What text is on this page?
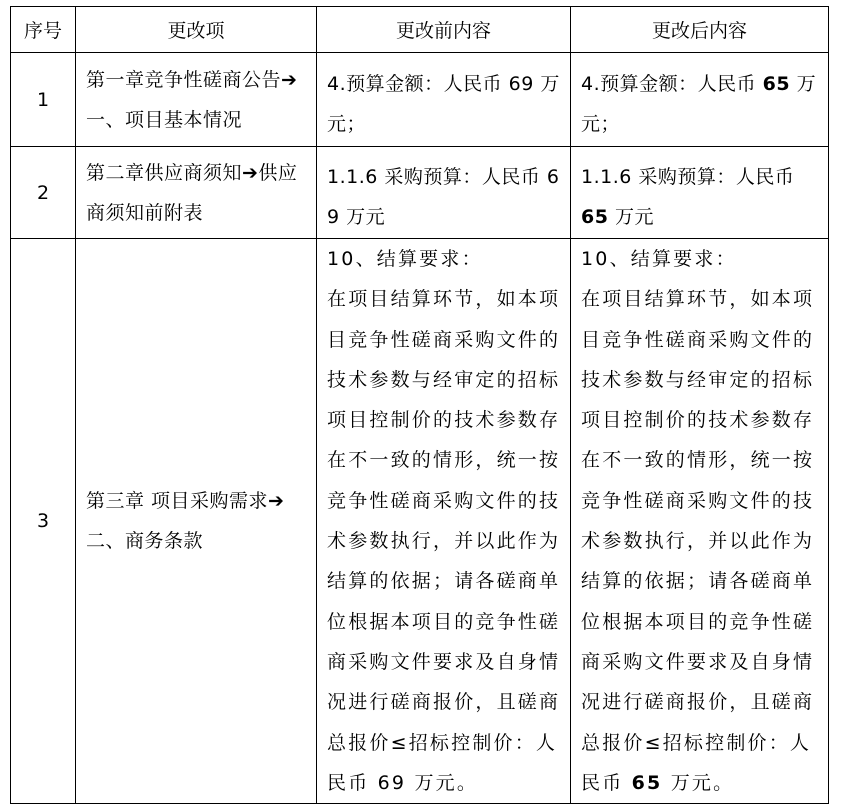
序号	更改项	更改前内容	更改后内容
1	第一章竞争性磋商公告➔一、项目基本情况	4.预算金额：人民币 69 万元；	4.预算金额：人民币 65 万元；

2	第二章供应商须知➔供应商须知前附表	1.1.6 采购预算：人民币 69 万元	1.1.6 采购预算：人民币
65 万元

3	第三章 项目采购需求➔二、商务条款	10、结算要求：
在项目结算环节，如本项目竞争性磋商采购文件的技术参数与经审定的招标项目控制价的技术参数存在不一致的情形，统一按竞争性磋商采购文件的技术参数执行，并以此作为结算的依据；请各磋商单位根据本项目的竞争性磋商采购文件要求及自身情况进行磋商报价，且磋商总报价≤招标控制价：人民币 69 万元。	10、结算要求：
在项目结算环节，如本项目竞争性磋商采购文件的技术参数与经审定的招标项目控制价的技术参数存在不一致的情形，统一按竞争性磋商采购文件的技术参数执行，并以此作为结算的依据；请各磋商单位根据本项目的竞争性磋商采购文件要求及自身情况进行磋商报价，且磋商总报价≤招标控制价：人民币 65 万元。
